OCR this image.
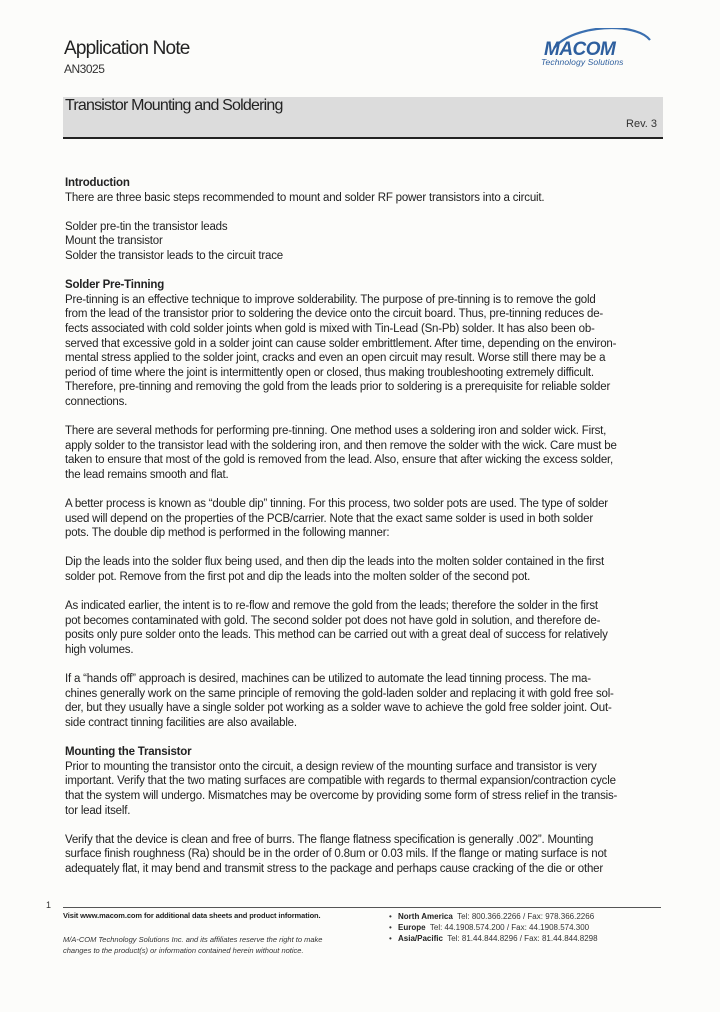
Application Note
AN3025
MACOM
Technology Solutions
Transistor Mounting and Soldering
Rev. 3

Introduction

There are three basic steps recommended to mount and solder RF power transistors into a circuit.

Solder pre-tin the transistor leads
Mount the transistor
Solder the transistor leads to the circuit trace

Solder Pre-Tinning

Pre-tinning is an effective technique to improve solderability. The purpose of pre-tinning is to remove the gold
from the lead of the transistor prior to soldering the device onto the circuit board. Thus, pre-tinning reduces de-
fects associated with cold solder joints when gold is mixed with Tin-Lead (Sn-Pb) solder. It has also been ob-
served that excessive gold in a solder joint can cause solder embrittlement. After time, depending on the environ-
mental stress applied to the solder joint, cracks and even an open circuit may result. Worse still there may be a
period of time where the joint is intermittently open or closed, thus making troubleshooting extremely difficult.
Therefore, pre-tinning and removing the gold from the leads prior to soldering is a prerequisite for reliable solder
connections.
There are several methods for performing pre-tinning. One method uses a soldering iron and solder wick. First,
apply solder to the transistor lead with the soldering iron, and then remove the solder with the wick. Care must be
taken to ensure that most of the gold is removed from the lead. Also, ensure that after wicking the excess solder,
the lead remains smooth and flat.
A better process is known as “double dip” tinning. For this process, two solder pots are used. The type of solder
used will depend on the properties of the PCB/carrier. Note that the exact same solder is used in both solder
pots. The double dip method is performed in the following manner:
Dip the leads into the solder flux being used, and then dip the leads into the molten solder contained in the first
solder pot. Remove from the first pot and dip the leads into the molten solder of the second pot.
As indicated earlier, the intent is to re-flow and remove the gold from the leads; therefore the solder in the first
pot becomes contaminated with gold. The second solder pot does not have gold in solution, and therefore de-
posits only pure solder onto the leads. This method can be carried out with a great deal of success for relatively
high volumes.
If a “hands off” approach is desired, machines can be utilized to automate the lead tinning process. The ma-
chines generally work on the same principle of removing the gold-laden solder and replacing it with gold free sol-
der, but they usually have a single solder pot working as a solder wave to achieve the gold free solder joint. Out-
side contract tinning facilities are also available.

Mounting the Transistor

Prior to mounting the transistor onto the circuit, a design review of the mounting surface and transistor is very
important. Verify that the two mating surfaces are compatible with regards to thermal expansion/contraction cycle
that the system will undergo. Mismatches may be overcome by providing some form of stress relief in the transis-
tor lead itself.
Verify that the device is clean and free of burrs. The flange flatness specification is generally .002”. Mounting
surface finish roughness (Ra) should be in the order of 0.8um or 0.03 mils. If the flange or mating surface is not
adequately flat, it may bend and transmit stress to the package and perhaps cause cracking of the die or other
1
Visit www.macom.com for additional data sheets and product information.
M/A-COM Technology Solutions Inc. and its affiliates reserve the right to make
changes to the product(s) or information contained herein without notice.
• North America Tel: 800.366.2266 / Fax: 978.366.2266
• Europe Tel: 44.1908.574.200 / Fax: 44.1908.574.300
• Asia/Pacific Tel: 81.44.844.8296 / Fax: 81.44.844.8298
